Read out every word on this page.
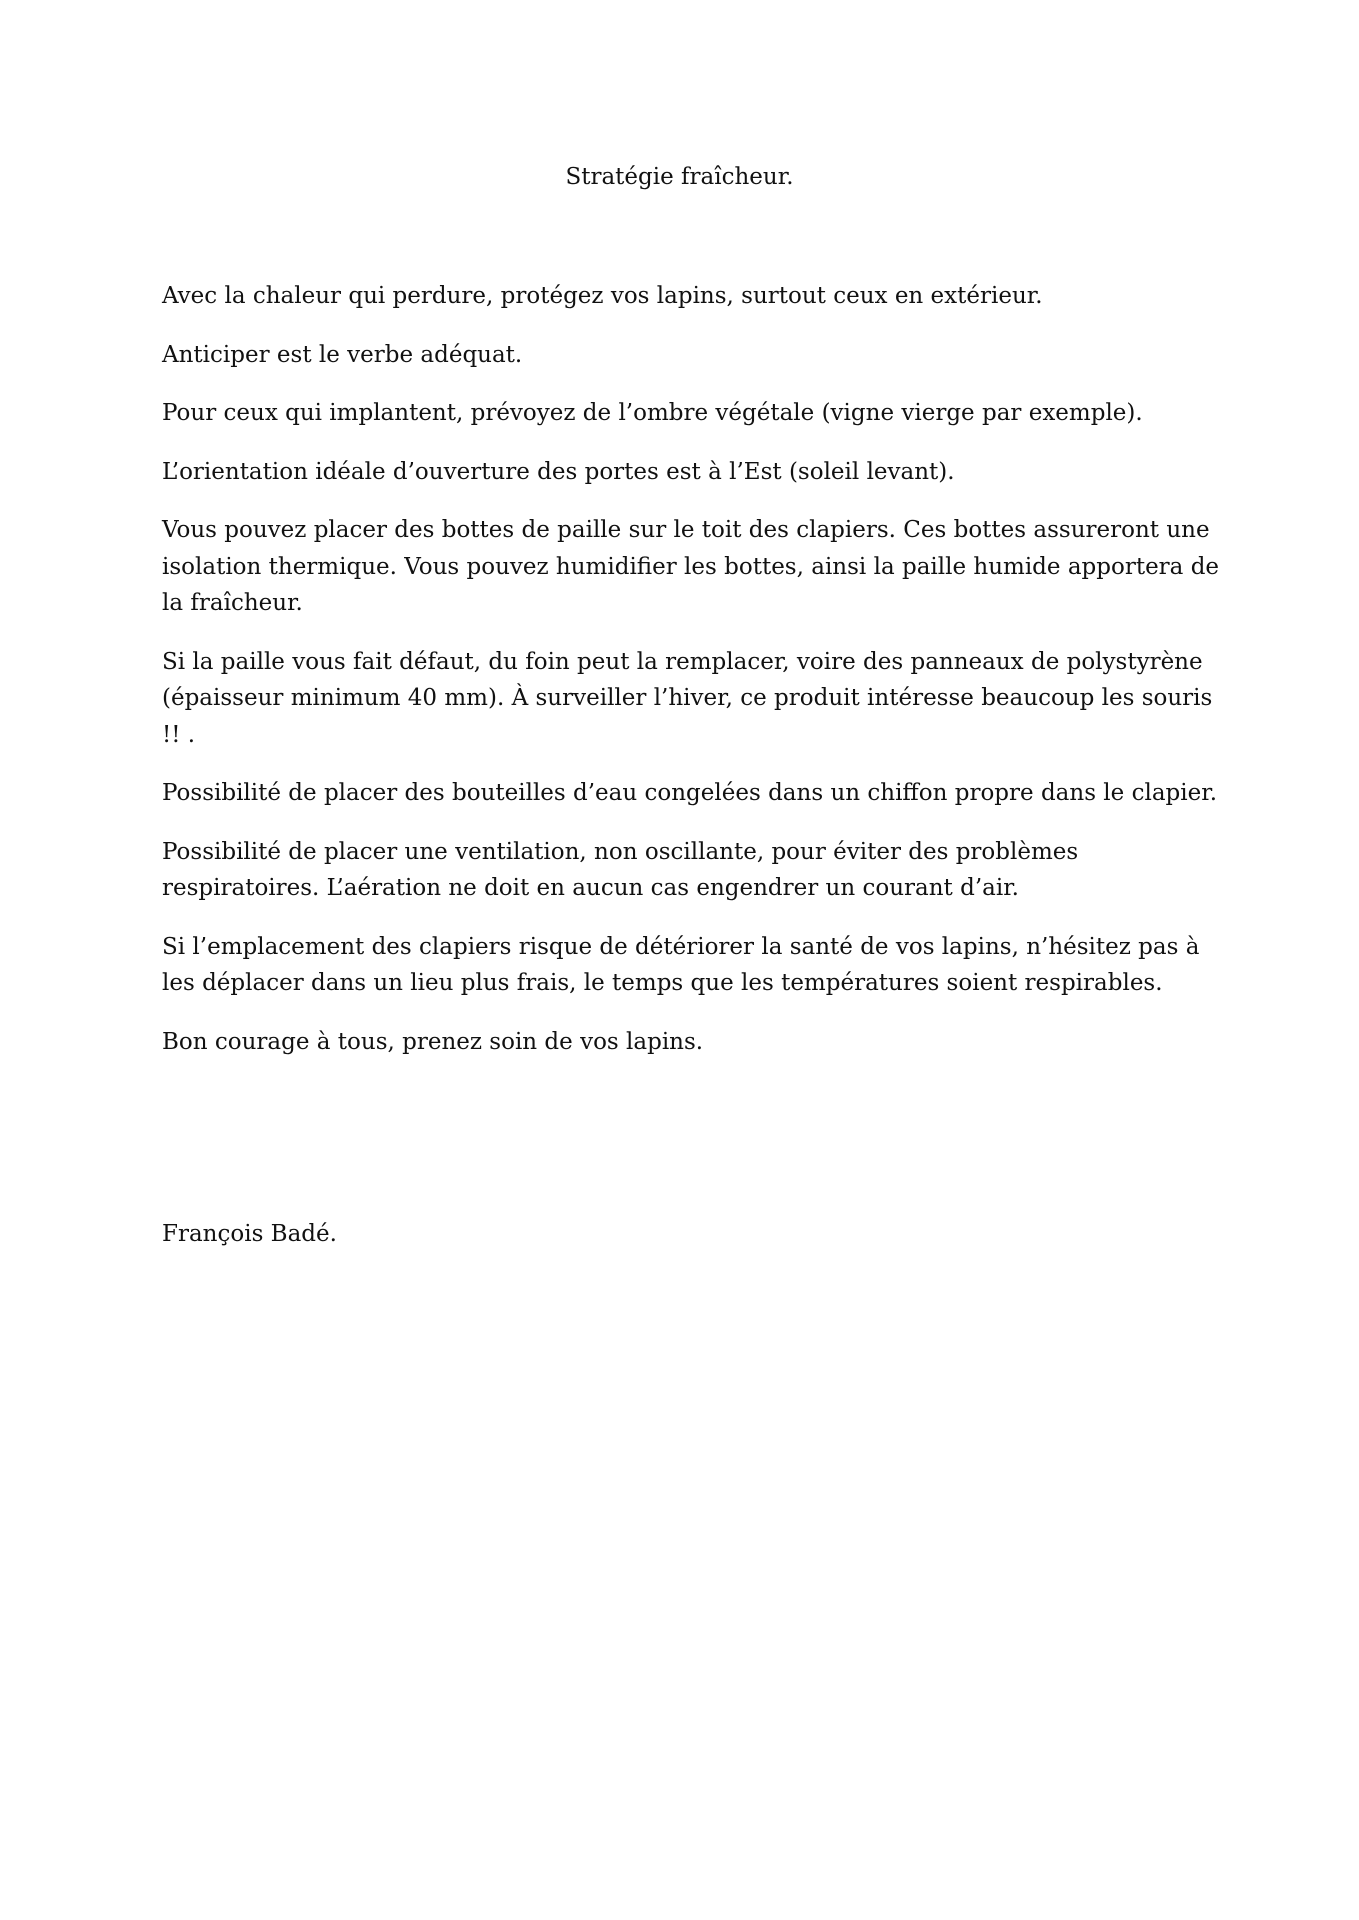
Stratégie fraîcheur.

Avec la chaleur qui perdure, protégez vos lapins, surtout ceux en extérieur.

Anticiper est le verbe adéquat.

Pour ceux qui implantent, prévoyez de l’ombre végétale (vigne vierge par exemple).

L’orientation idéale d’ouverture des portes est à l’Est (soleil levant).

Vous pouvez placer des bottes de paille sur le toit des clapiers. Ces bottes assureront une isolation thermique. Vous pouvez humidifier les bottes, ainsi la paille humide apportera de la fraîcheur.

Si la paille vous fait défaut, du foin peut la remplacer, voire des panneaux de polystyrène (épaisseur minimum 40 mm). À surveiller l’hiver, ce produit intéresse beaucoup les souris !! .

Possibilité de placer des bouteilles d’eau congelées dans un chiffon propre dans le clapier.

Possibilité de placer une ventilation, non oscillante, pour éviter des problèmes respiratoires. L’aération ne doit en aucun cas engendrer un courant d’air.

Si l’emplacement des clapiers risque de détériorer la santé de vos lapins, n’hésitez pas à les déplacer dans un lieu plus frais, le temps que les températures soient respirables.

Bon courage à tous, prenez soin de vos lapins.

François Badé.
